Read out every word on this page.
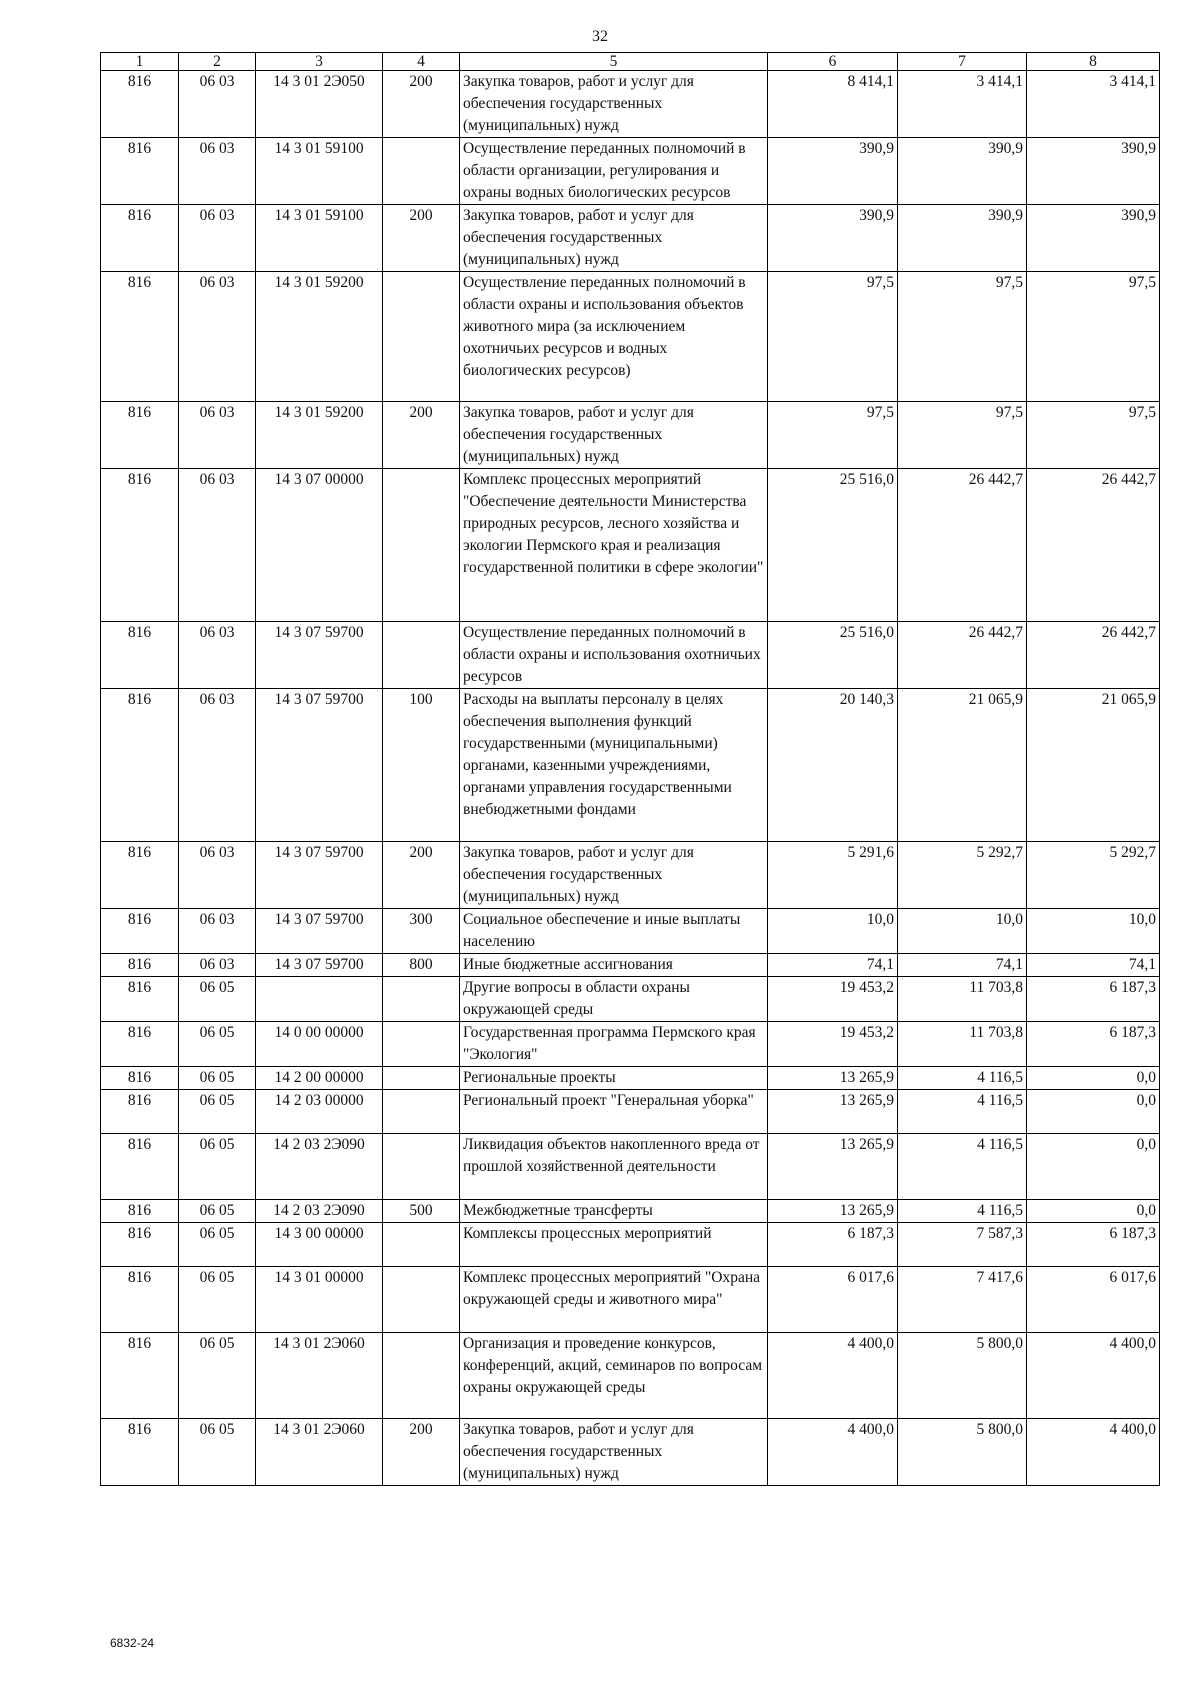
32
1	2	3	4	5	6	7	8
816	06 03	14 3 01 2Э050	200	Закупка товаров, работ и услуг для обеспечения государственных (муниципальных) нужд	8 414,1	3 414,1	3 414,1
816	06 03	14 3 01 59100		Осуществление переданных полномочий в области организации, регулирования и охраны водных биологических ресурсов	390,9	390,9	390,9
816	06 03	14 3 01 59100	200	Закупка товаров, работ и услуг для обеспечения государственных (муниципальных) нужд	390,9	390,9	390,9
816	06 03	14 3 01 59200		Осуществление переданных полномочий в области охраны и использования объектов животного мира (за исключением охотничьих ресурсов и водных биологических ресурсов)	97,5	97,5	97,5
816	06 03	14 3 01 59200	200	Закупка товаров, работ и услуг для обеспечения государственных (муниципальных) нужд	97,5	97,5	97,5
816	06 03	14 3 07 00000		Комплекс процессных мероприятий "Обеспечение деятельности Министерства природных ресурсов, лесного хозяйства и экологии Пермского края и реализация государственной политики в сфере экологии"	25 516,0	26 442,7	26 442,7
816	06 03	14 3 07 59700		Осуществление переданных полномочий в области охраны и использования охотничьих ресурсов	25 516,0	26 442,7	26 442,7
816	06 03	14 3 07 59700	100	Расходы на выплаты персоналу в целях обеспечения выполнения функций государственными (муниципальными) органами, казенными учреждениями, органами управления государственными внебюджетными фондами	20 140,3	21 065,9	21 065,9
816	06 03	14 3 07 59700	200	Закупка товаров, работ и услуг для обеспечения государственных (муниципальных) нужд	5 291,6	5 292,7	5 292,7
816	06 03	14 3 07 59700	300	Социальное обеспечение и иные выплаты населению	10,0	10,0	10,0
816	06 03	14 3 07 59700	800	Иные бюджетные ассигнования	74,1	74,1	74,1
816	06 05			Другие вопросы в области охраны окружающей среды	19 453,2	11 703,8	6 187,3
816	06 05	14 0 00 00000		Государственная программа Пермского края "Экология"	19 453,2	11 703,8	6 187,3
816	06 05	14 2 00 00000		Региональные проекты	13 265,9	4 116,5	0,0
816	06 05	14 2 03 00000		Региональный проект "Генеральная уборка"	13 265,9	4 116,5	0,0
816	06 05	14 2 03 2Э090		Ликвидация объектов накопленного вреда от прошлой хозяйственной деятельности	13 265,9	4 116,5	0,0
816	06 05	14 2 03 2Э090	500	Межбюджетные трансферты	13 265,9	4 116,5	0,0
816	06 05	14 3 00 00000		Комплексы процессных мероприятий	6 187,3	7 587,3	6 187,3
816	06 05	14 3 01 00000		Комплекс процессных мероприятий "Охрана окружающей среды и животного мира"	6 017,6	7 417,6	6 017,6
816	06 05	14 3 01 2Э060		Организация и проведение конкурсов, конференций, акций, семинаров по вопросам охраны окружающей среды	4 400,0	5 800,0	4 400,0
816	06 05	14 3 01 2Э060	200	Закупка товаров, работ и услуг для обеспечения государственных (муниципальных) нужд	4 400,0	5 800,0	4 400,0
6832-24
